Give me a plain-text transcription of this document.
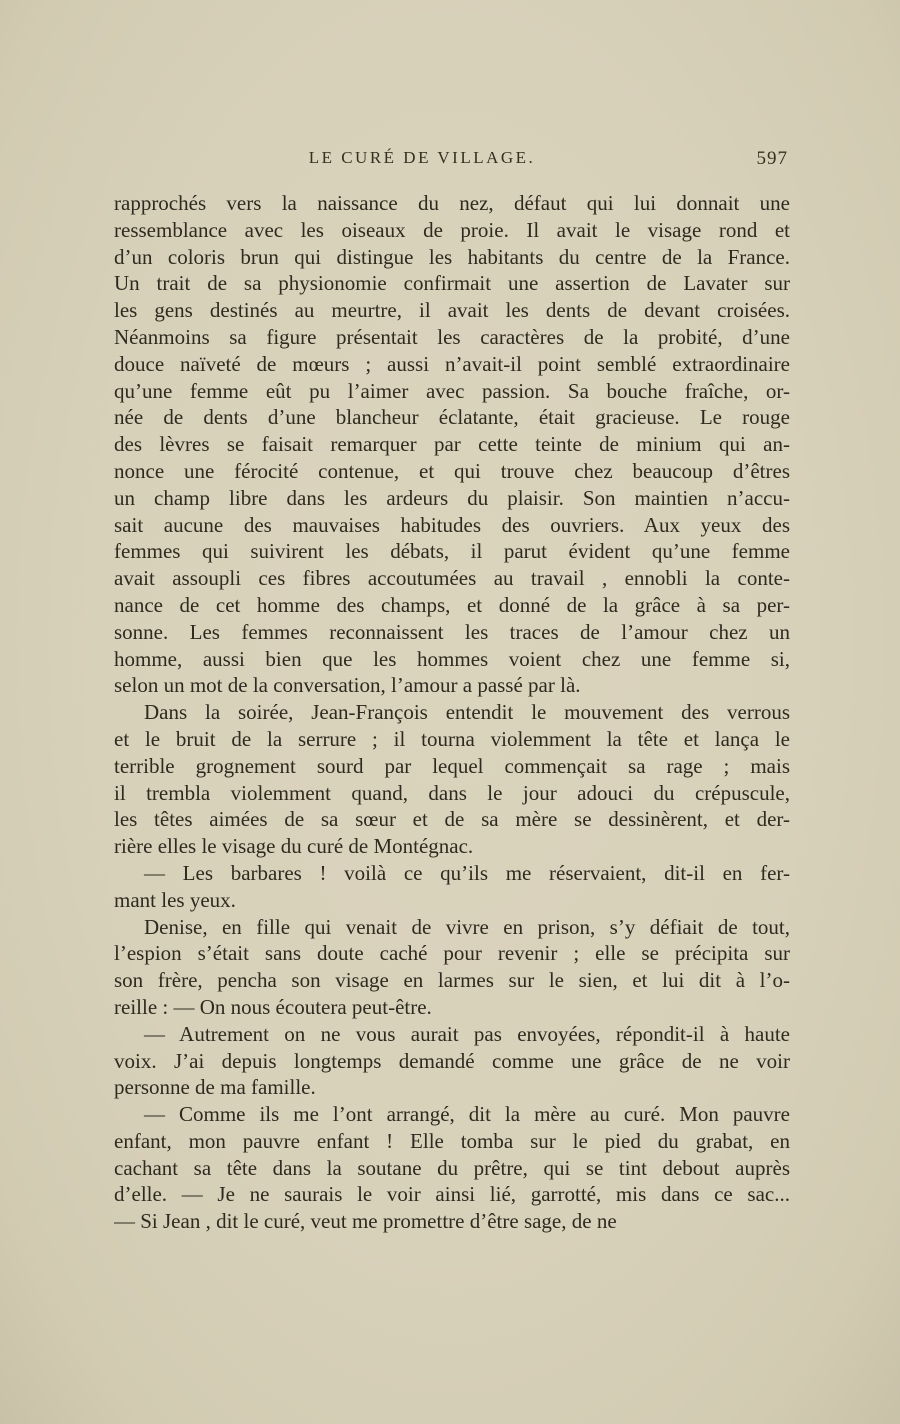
LE CURÉ DE VILLAGE.	597
rapprochés vers la naissance du nez, défaut qui lui donnait une
ressemblance avec les oiseaux de proie. Il avait le visage rond et
d’un coloris brun qui distingue les habitants du centre de la France.
Un trait de sa physionomie confirmait une assertion de Lavater sur
les gens destinés au meurtre, il avait les dents de devant croisées.
Néanmoins sa figure présentait les caractères de la probité, d’une
douce naïveté de mœurs ; aussi n’avait-il point semblé extraordinaire
qu’une femme eût pu l’aimer avec passion. Sa bouche fraîche, or-
née de dents d’une blancheur éclatante, était gracieuse. Le rouge
des lèvres se faisait remarquer par cette teinte de minium qui an-
nonce une férocité contenue, et qui trouve chez beaucoup d’êtres
un champ libre dans les ardeurs du plaisir. Son maintien n’accu-
sait aucune des mauvaises habitudes des ouvriers. Aux yeux des
femmes qui suivirent les débats, il parut évident qu’une femme
avait assoupli ces fibres accoutumées au travail , ennobli la conte-
nance de cet homme des champs, et donné de la grâce à sa per-
sonne. Les femmes reconnaissent les traces de l’amour chez un
homme, aussi bien que les hommes voient chez une femme si,
selon un mot de la conversation, l’amour a passé par là.
Dans la soirée, Jean-François entendit le mouvement des verrous
et le bruit de la serrure ; il tourna violemment la tête et lança le
terrible grognement sourd par lequel commençait sa rage ; mais
il trembla violemment quand, dans le jour adouci du crépuscule,
les têtes aimées de sa sœur et de sa mère se dessinèrent, et der-
rière elles le visage du curé de Montégnac.
— Les barbares ! voilà ce qu’ils me réservaient, dit-il en fer-
mant les yeux.
Denise, en fille qui venait de vivre en prison, s’y défiait de tout,
l’espion s’était sans doute caché pour revenir ; elle se précipita sur
son frère, pencha son visage en larmes sur le sien, et lui dit à l’o-
reille : — On nous écoutera peut-être.
— Autrement on ne vous aurait pas envoyées, répondit-il à haute
voix. J’ai depuis longtemps demandé comme une grâce de ne voir
personne de ma famille.
— Comme ils me l’ont arrangé, dit la mère au curé. Mon pauvre
enfant, mon pauvre enfant ! Elle tomba sur le pied du grabat, en
cachant sa tête dans la soutane du prêtre, qui se tint debout auprès
d’elle. — Je ne saurais le voir ainsi lié, garrotté, mis dans ce sac...
— Si Jean , dit le curé, veut me promettre d’être sage, de ne
